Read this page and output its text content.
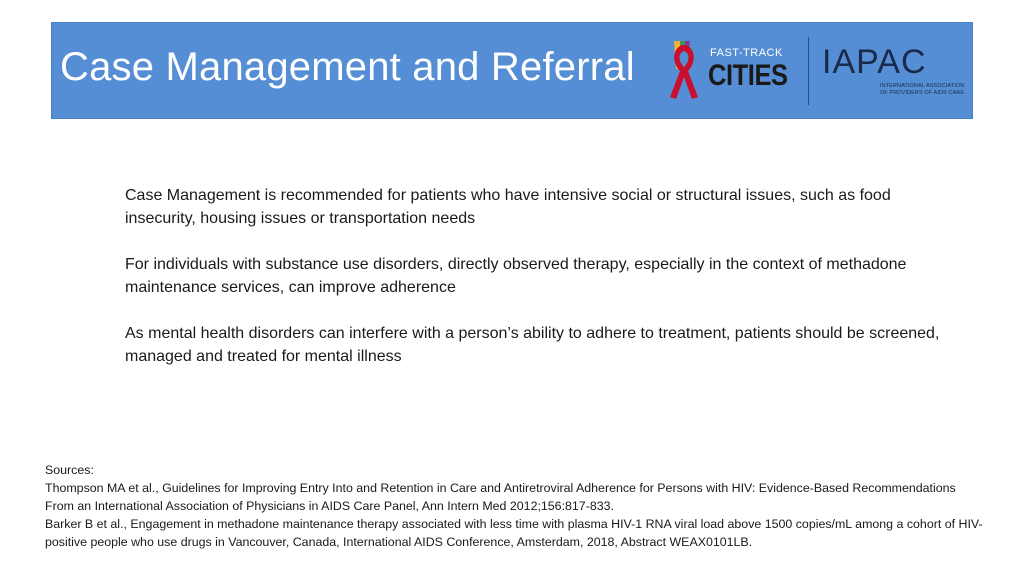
Case Management and Referral	FAST-TRACK
CITIES IAPAC
INTERNATIONAL ASSOCIATION OF PROVIDERS OF AIDS CARE

Case Management is recommended for patients who have intensive social or structural issues, such as food insecurity, housing issues or transportation needs

For individuals with substance use disorders, directly observed therapy, especially in the context of methadone maintenance services, can improve adherence

As mental health disorders can interfere with a person’s ability to adhere to treatment, patients should be screened, managed and treated for mental illness

Sources:
Thompson MA et al., Guidelines for Improving Entry Into and Retention in Care and Antiretroviral Adherence for Persons with HIV: Evidence-Based Recommendations From an International Association of Physicians in AIDS Care Panel, Ann Intern Med 2012;156:817-833.
Barker B et al., Engagement in methadone maintenance therapy associated with less time with plasma HIV-1 RNA viral load above 1500 copies/mL among a cohort of HIV-positive people who use drugs in Vancouver, Canada, International AIDS Conference, Amsterdam, 2018, Abstract WEAX0101LB.
